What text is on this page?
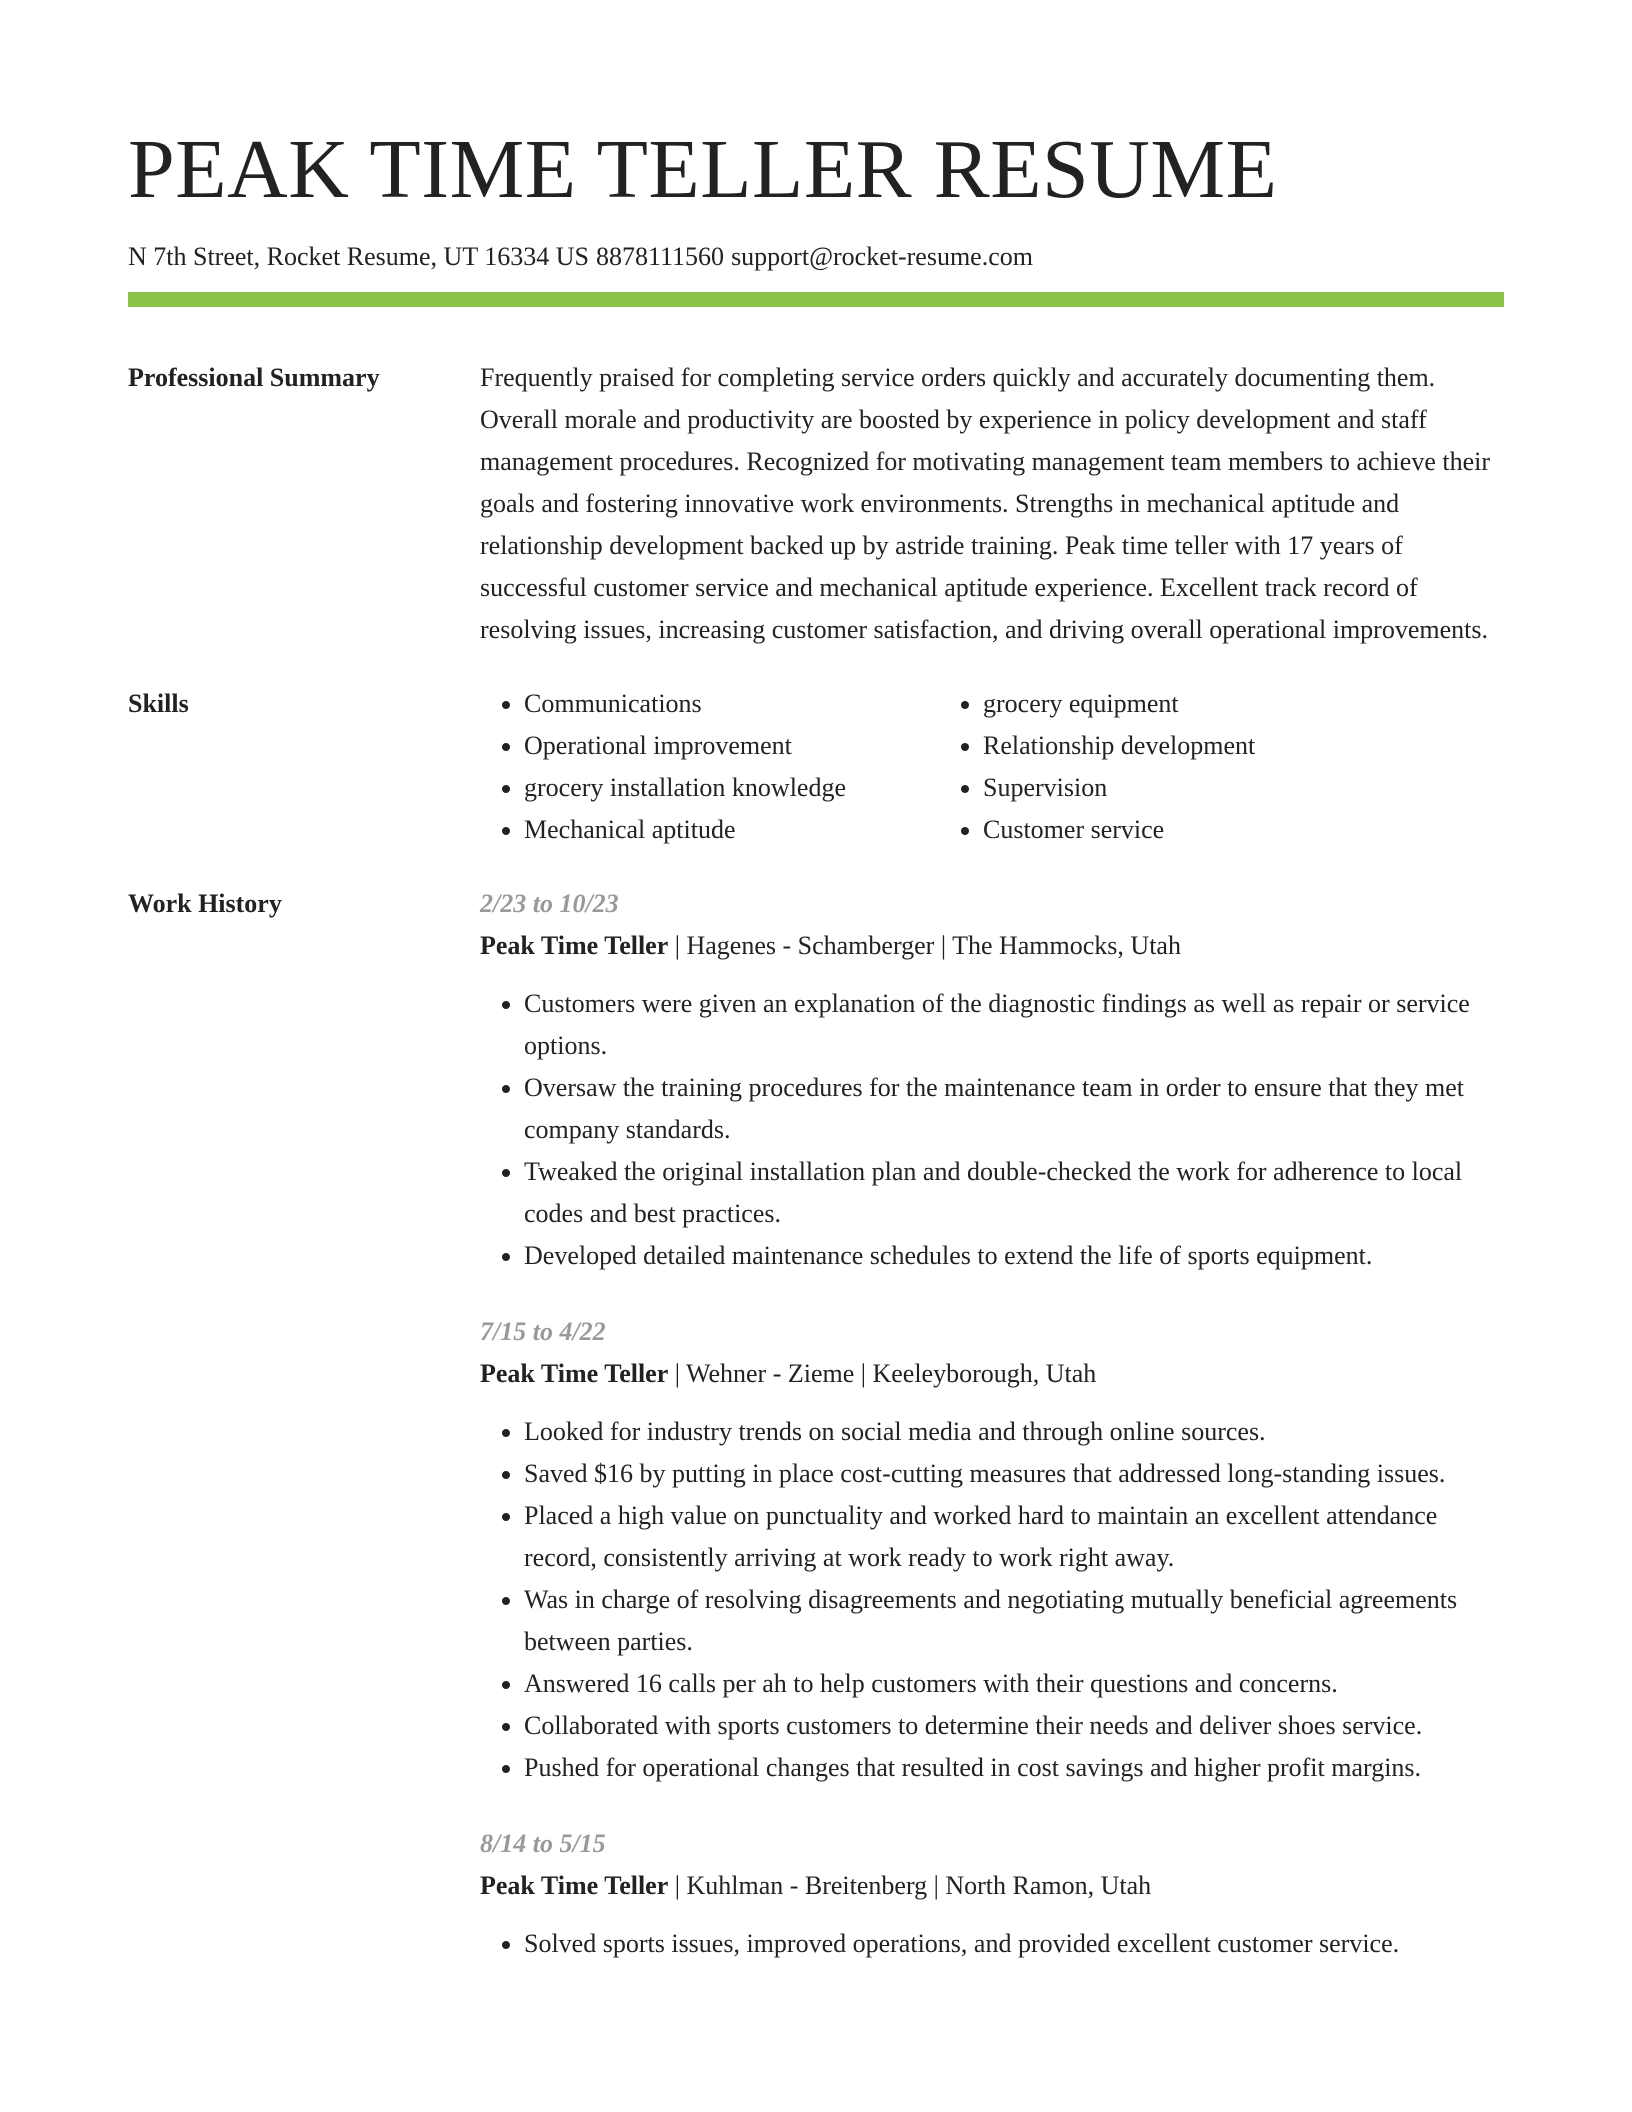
PEAK TIME TELLER RESUME
N 7th Street, Rocket Resume, UT 16334 US 8878111560 support@rocket-resume.com
Professional Summary	Frequently praised for completing service orders quickly and accurately documenting them. Overall morale and productivity are boosted by experience in policy development and staff management procedures. Recognized for motivating management team members to achieve their goals and fostering innovative work environments. Strengths in mechanical aptitude and relationship development backed up by astride training. Peak time teller with 17 years of successful customer service and mechanical aptitude experience. Excellent track record of resolving issues, increasing customer satisfaction, and driving overall operational improvements.

Skills
•	Communications
• Operational improvement
• grocery installation knowledge
• Mechanical aptitude
• grocery equipment
• Relationship development
• Supervision
• Customer service
Work History	2/23 to 10/23
Peak Time Teller | Hagenes - Schamberger | The Hammocks, Utah
• Customers were given an explanation of the diagnostic findings as well as repair or service options.
• Oversaw the training procedures for the maintenance team in order to ensure that they met company standards.
• Tweaked the original installation plan and double-checked the work for adherence to local codes and best practices.
• Developed detailed maintenance schedules to extend the life of sports equipment.
7/15 to 4/22
Peak Time Teller | Wehner - Zieme | Keeleyborough, Utah
• Looked for industry trends on social media and through online sources.
• Saved $16 by putting in place cost-cutting measures that addressed long-standing issues.
• Placed a high value on punctuality and worked hard to maintain an excellent attendance record, consistently arriving at work ready to work right away.
• Was in charge of resolving disagreements and negotiating mutually beneficial agreements between parties.
• Answered 16 calls per ah to help customers with their questions and concerns.
• Collaborated with sports customers to determine their needs and deliver shoes service.
• Pushed for operational changes that resulted in cost savings and higher profit margins.
8/14 to 5/15
Peak Time Teller | Kuhlman - Breitenberg | North Ramon, Utah
• Solved sports issues, improved operations, and provided excellent customer service.
